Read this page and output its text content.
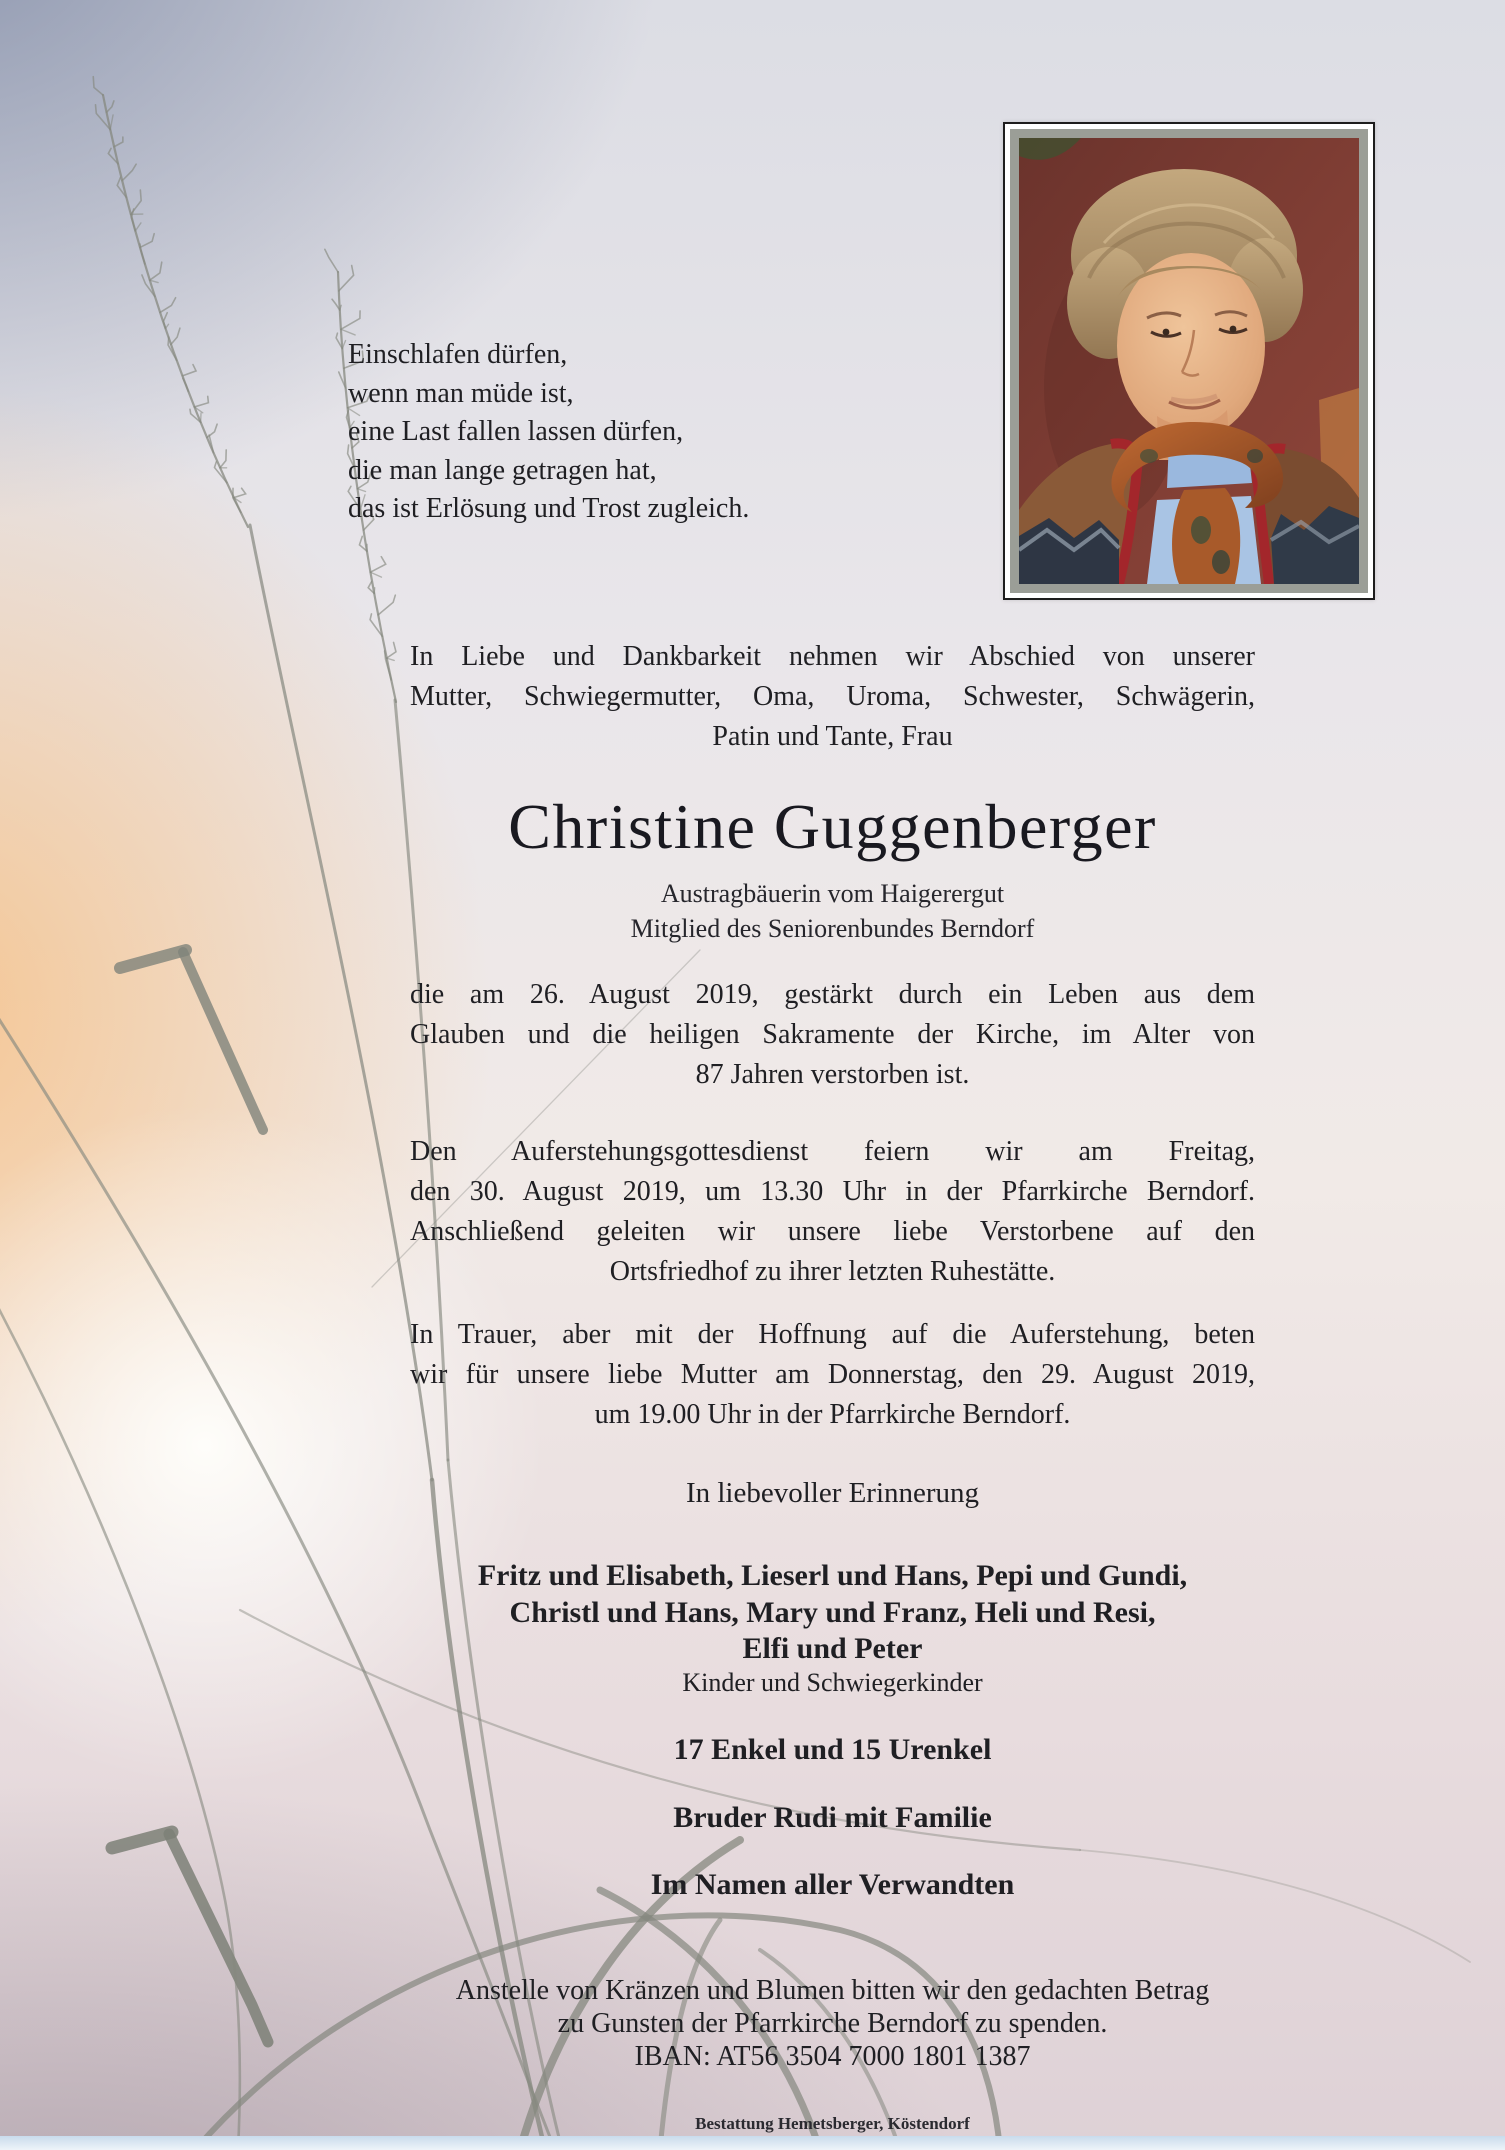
Einschlafen dürfen,
wenn man müde ist,
eine Last fallen lassen dürfen,
die man lange getragen hat,
das ist Erlösung und Trost zugleich.
In Liebe und Dankbarkeit nehmen wir Abschied von unserer
Mutter, Schwiegermutter, Oma, Uroma, Schwester, Schwägerin,
Patin und Tante, Frau
Christine Guggenberger
Austragbäuerin vom Haigerergut
Mitglied des Seniorenbundes Berndorf
die am 26. August 2019, gestärkt durch ein Leben aus dem
Glauben und die heiligen Sakramente der Kirche, im Alter von
87 Jahren verstorben ist.
Den Auferstehungsgottesdienst feiern wir am Freitag,
den 30. August 2019, um 13.30 Uhr in der Pfarrkirche Berndorf.
Anschließend geleiten wir unsere liebe Verstorbene auf den
Ortsfriedhof zu ihrer letzten Ruhestätte.
In Trauer, aber mit der Hoffnung auf die Auferstehung, beten
wir für unsere liebe Mutter am Donnerstag, den 29. August 2019,
um 19.00 Uhr in der Pfarrkirche Berndorf.
In liebevoller Erinnerung
Fritz und Elisabeth, Lieserl und Hans, Pepi und Gundi,
Christl und Hans, Mary und Franz, Heli und Resi,
Elfi und Peter
Kinder und Schwiegerkinder
17 Enkel und 15 Urenkel
Bruder Rudi mit Familie
Im Namen aller Verwandten
Anstelle von Kränzen und Blumen bitten wir den gedachten Betrag
zu Gunsten der Pfarrkirche Berndorf zu spenden.
IBAN: AT56 3504 7000 1801 1387
Bestattung Hemetsberger, Köstendorf
